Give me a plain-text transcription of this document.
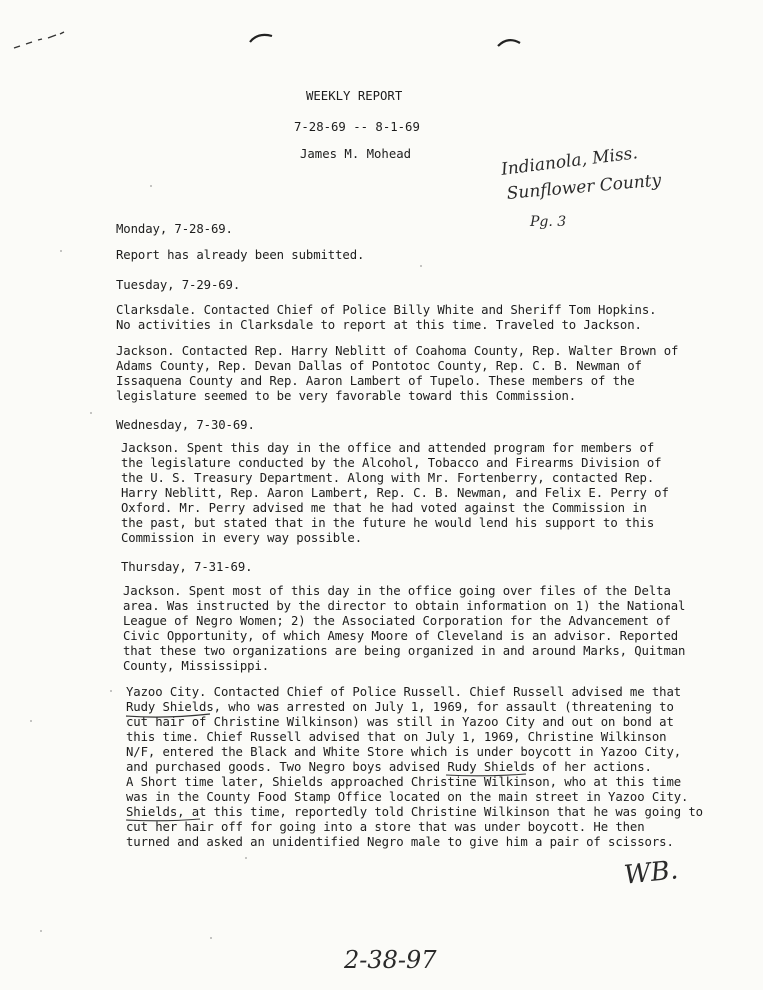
WEEKLY REPORT
7-28-69 -- 8-1-69
James M. Mohead	Indianola, Miss.
Sunflower County
Pg. 3
Monday, 7-28-69.
Report has already been submitted.
Tuesday, 7-29-69.
Clarksdale. Contacted Chief of Police Billy White and Sheriff Tom Hopkins.
No activities in Clarksdale to report at this time. Traveled to Jackson.
Jackson. Contacted Rep. Harry Neblitt of Coahoma County, Rep. Walter Brown of
Adams County, Rep. Devan Dallas of Pontotoc County, Rep. C. B. Newman of
Issaquena County and Rep. Aaron Lambert of Tupelo. These members of the
legislature seemed to be very favorable toward this Commission.
Wednesday, 7-30-69.
Jackson. Spent this day in the office and attended program for members of
the legislature conducted by the Alcohol, Tobacco and Firearms Division of
the U. S. Treasury Department. Along with Mr. Fortenberry, contacted Rep.
Harry Neblitt, Rep. Aaron Lambert, Rep. C. B. Newman, and Felix E. Perry of
Oxford. Mr. Perry advised me that he had voted against the Commission in
the past, but stated that in the future he would lend his support to this
Commission in every way possible.
Thursday, 7-31-69.
Jackson. Spent most of this day in the office going over files of the Delta
area. Was instructed by the director to obtain information on 1) the National
League of Negro Women; 2) the Associated Corporation for the Advancement of
Civic Opportunity, of which Amesy Moore of Cleveland is an advisor. Reported
that these two organizations are being organized in and around Marks, Quitman
County, Mississippi.
Yazoo City. Contacted Chief of Police Russell. Chief Russell advised me that
Rudy Shields, who was arrested on July 1, 1969, for assault (threatening to
cut hair of Christine Wilkinson) was still in Yazoo City and out on bond at
this time. Chief Russell advised that on July 1, 1969, Christine Wilkinson
N/F, entered the Black and White Store which is under boycott in Yazoo City,
and purchased goods. Two Negro boys advised Rudy Shields of her actions.
A Short time later, Shields approached Christine Wilkinson, who at this time
was in the County Food Stamp Office located on the main street in Yazoo City.
Shields, at this time, reportedly told Christine Wilkinson that he was going to
cut her hair off for going into a store that was under boycott. He then
turned and asked an unidentified Negro male to give him a pair of scissors.
WB.
2-38-97
